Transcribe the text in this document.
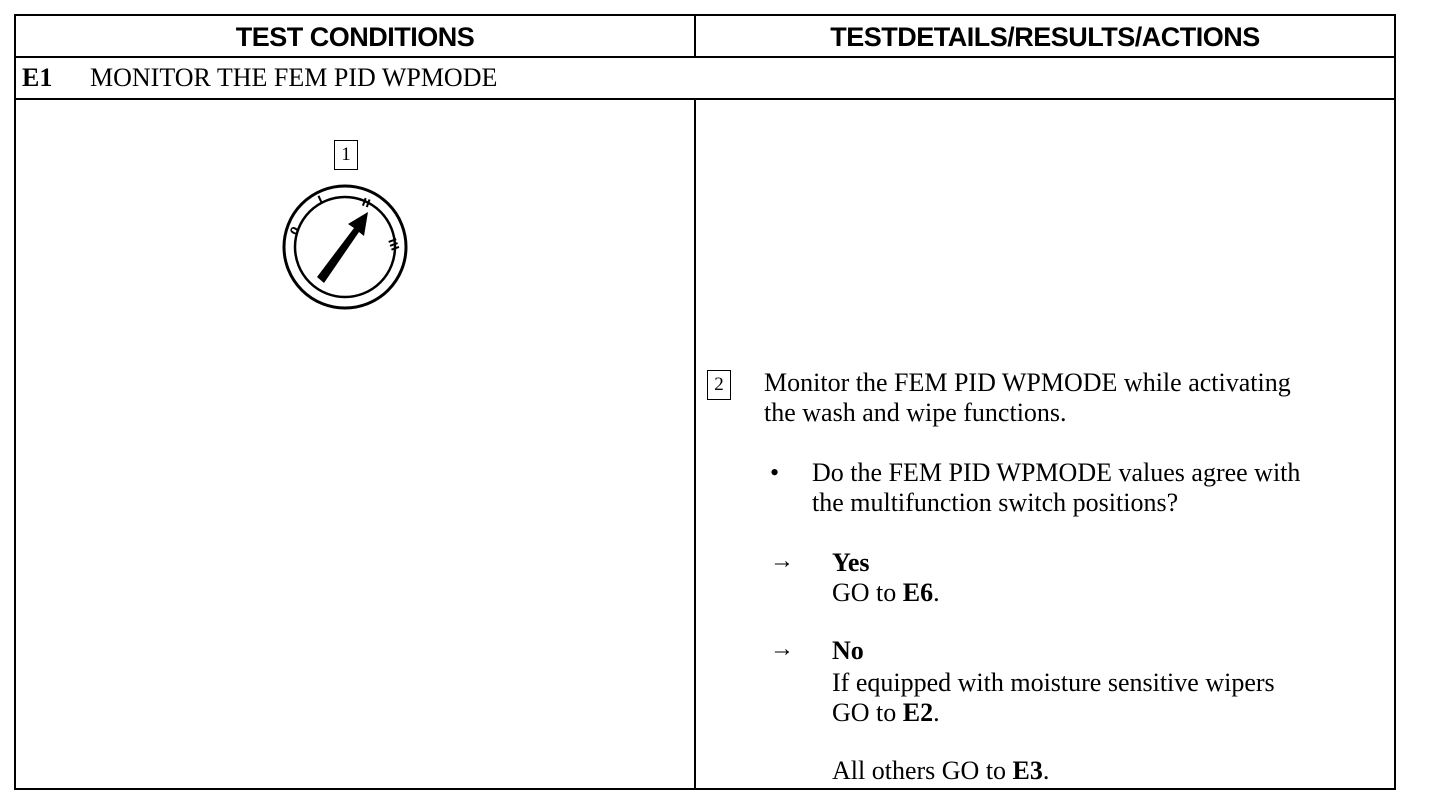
TEST CONDITIONS	TESTDETAILS/RESULTS/ACTIONS
E1 MONITOR THE FEM PID WPMODE
1
0
I	II
III
2 Monitor the FEM PID WPMODE while activating
the wash and wipe functions.
• Do the FEM PID WPMODE values agree with
the multifunction switch positions?
→ Yes
GO to E6.
→ No
If equipped with moisture sensitive wipers
GO to E2.
All others GO to E3.
